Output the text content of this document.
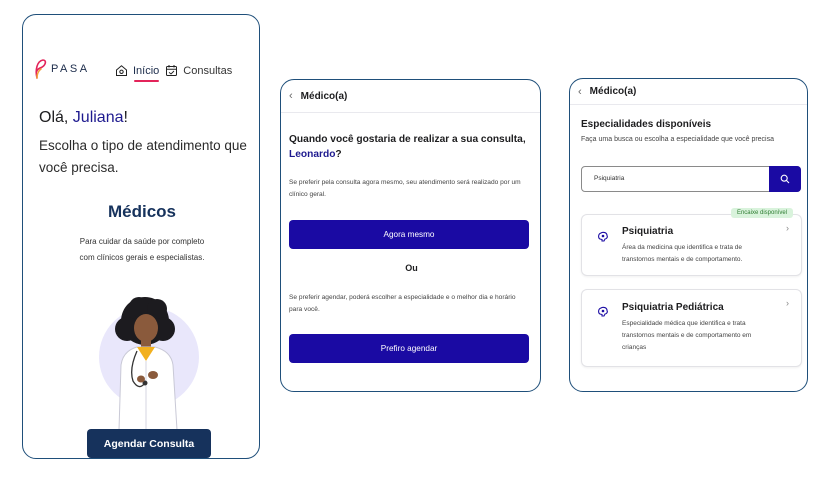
PASA	Início Consultas
Olá, Juliana!
Escolha o tipo de atendimento que você precisa.
Médicos
Para cuidar da saúde por completo com clínicos gerais e especialistas.
Agendar Consulta
‹ Médico(a)
Quando você gostaria de realizar a sua consulta,
Leonardo?
Se preferir pela consulta agora mesmo, seu atendimento será realizado por um clínico geral.
Agora mesmo
Ou
Se preferir agendar, poderá escolher a especialidade e o melhor dia e horário para você.
Prefiro agendar
‹ Médico(a)
Especialidades disponíveis
Faça uma busca ou escolha a especialidade que você precisa
Psiquiatria
Encaixe disponível
Psiquiatria
Área da medicina que identifica e trata de transtornos mentais e de comportamento.
›
Psiquiatria Pediátrica
Especialidade médica que identifica e trata transtornos mentais e de comportamento em crianças
›
